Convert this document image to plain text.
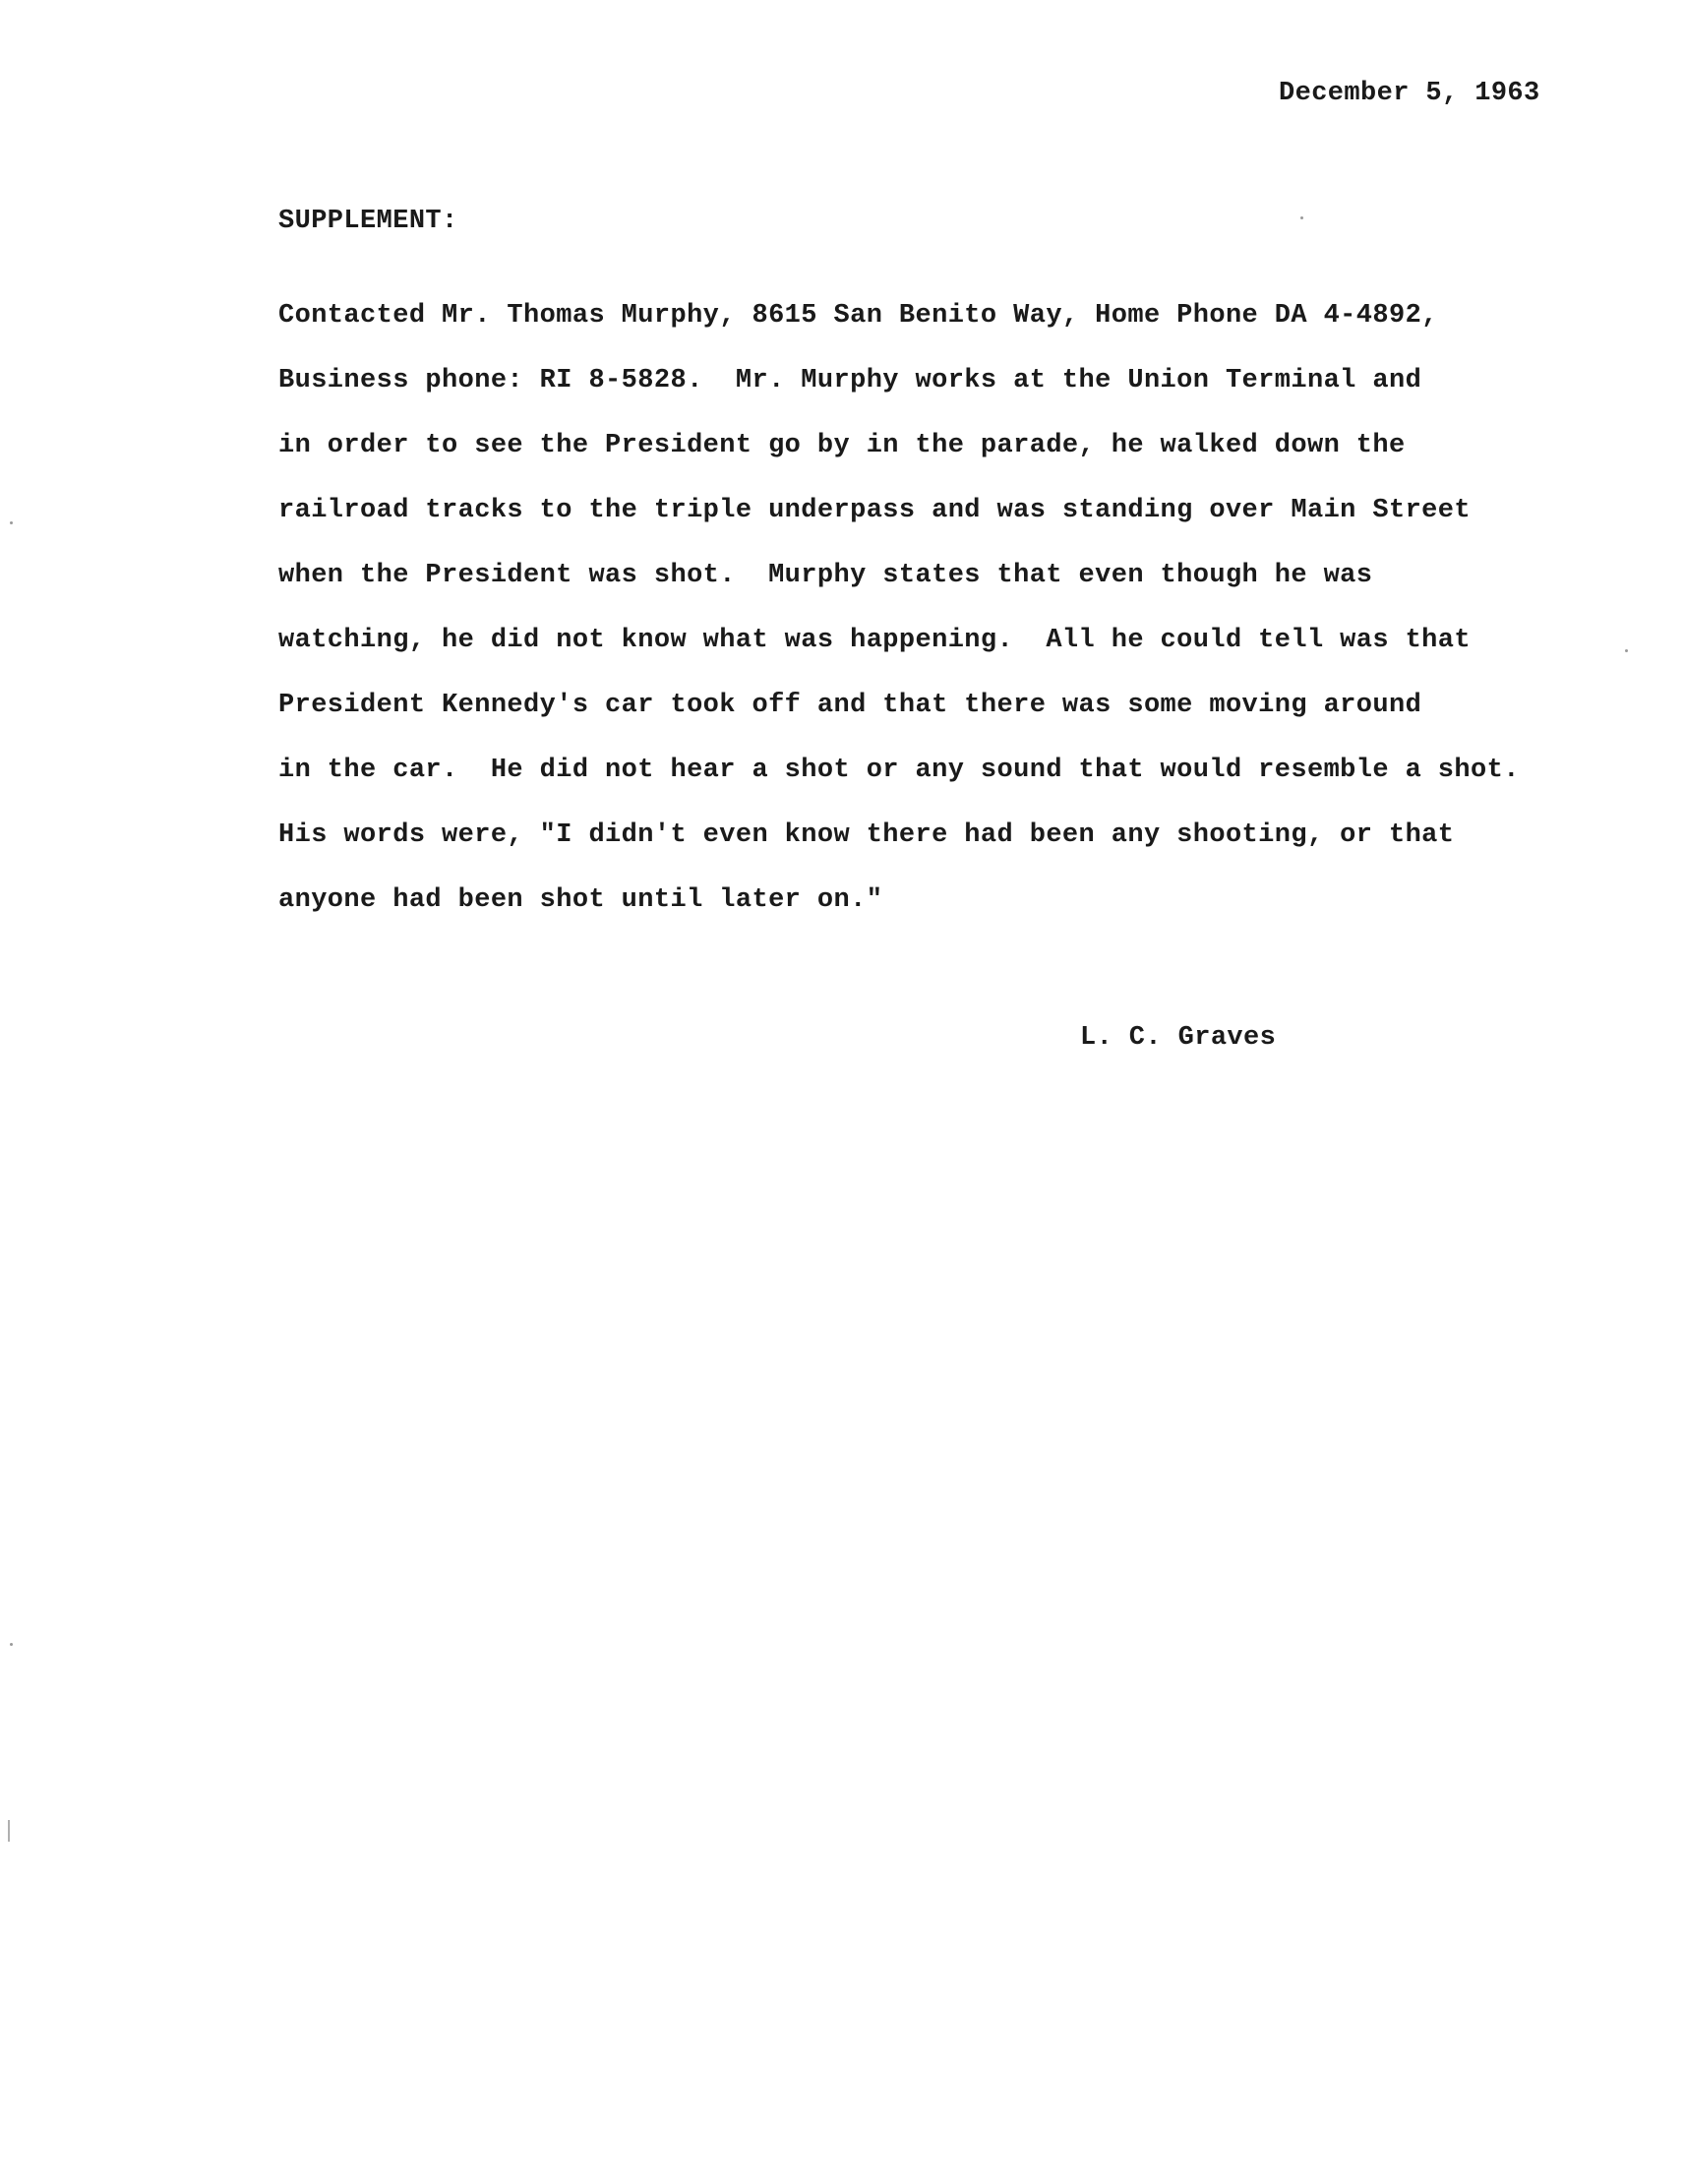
December 5, 1963
SUPPLEMENT:
Contacted Mr. Thomas Murphy, 8615 San Benito Way, Home Phone DA 4-4892,
Business phone: RI 8-5828.  Mr. Murphy works at the Union Terminal and
in order to see the President go by in the parade, he walked down the
railroad tracks to the triple underpass and was standing over Main Street
when the President was shot.  Murphy states that even though he was
watching, he did not know what was happening.  All he could tell was that
President Kennedy's car took off and that there was some moving around
in the car.  He did not hear a shot or any sound that would resemble a shot.
His words were, "I didn't even know there had been any shooting, or that
anyone had been shot until later on."
L. C. Graves
